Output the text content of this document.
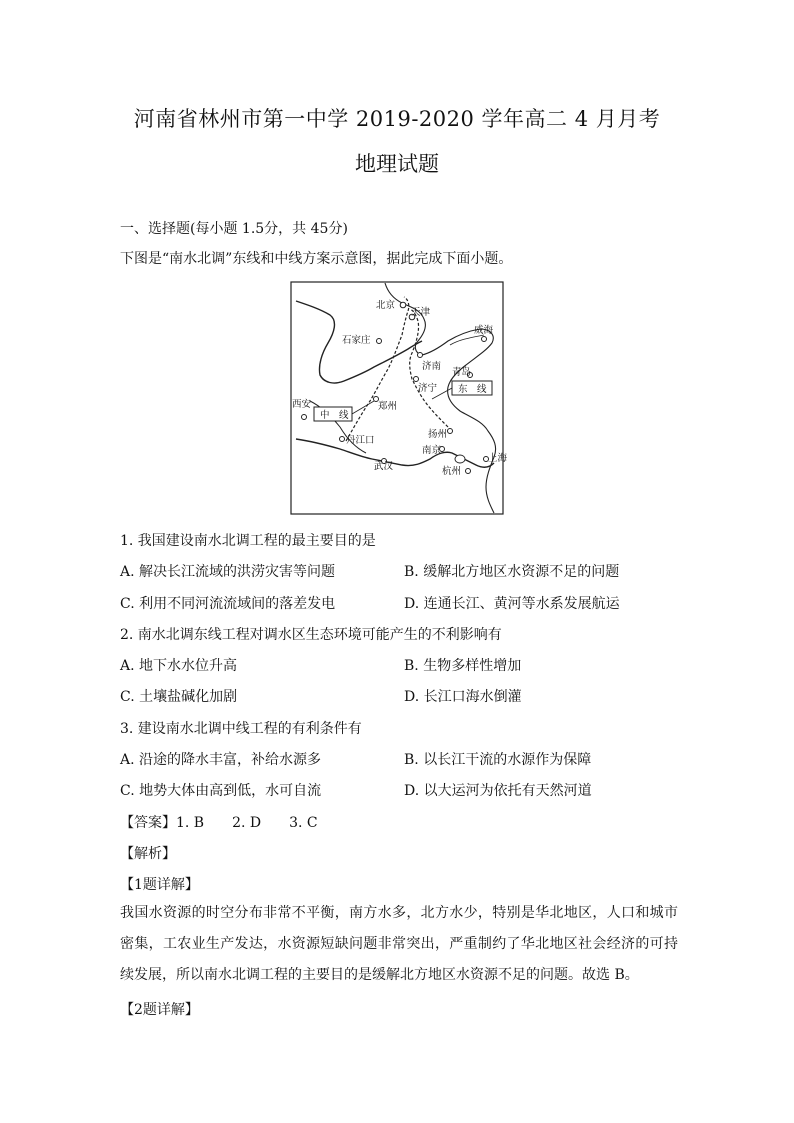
河南省林州市第一中学 2019-2020 学年高二 4 月月考
地理试题
一、选择题(每小题 1.5分，共 45分)
下图是“南水北调”东线和中线方案示意图，据此完成下面小题。
北京
天津
石家庄
威海
济南
青岛
济宁
西安	郑州
丹江口
扬州
南京
上海
武汉	杭州
中　线
东　线
1. 我国建设南水北调工程的最主要目的是
A. 解决长江流域的洪涝灾害等问题	B. 缓解北方地区水资源不足的问题
C. 利用不同河流流域间的落差发电	D. 连通长江、黄河等水系发展航运
2. 南水北调东线工程对调水区生态环境可能产生的不利影响有
A. 地下水水位升高	B. 生物多样性增加
C. 土壤盐碱化加剧	D. 长江口海水倒灌
3. 建设南水北调中线工程的有利条件有
A. 沿途的降水丰富，补给水源多	B. 以长江干流的水源作为保障
C. 地势大体由高到低，水可自流	D. 以大运河为依托有天然河道
【答案】1. B　　2. D　　3. C
【解析】
【1题详解】
我国水资源的时空分布非常不平衡，南方水多，北方水少，特别是华北地区，人口和城市密集，工农业生产发达，水资源短缺问题非常突出，严重制约了华北地区社会经济的可持续发展，所以南水北调工程的主要目的是缓解北方地区水资源不足的问题。故选 B。
【2题详解】
